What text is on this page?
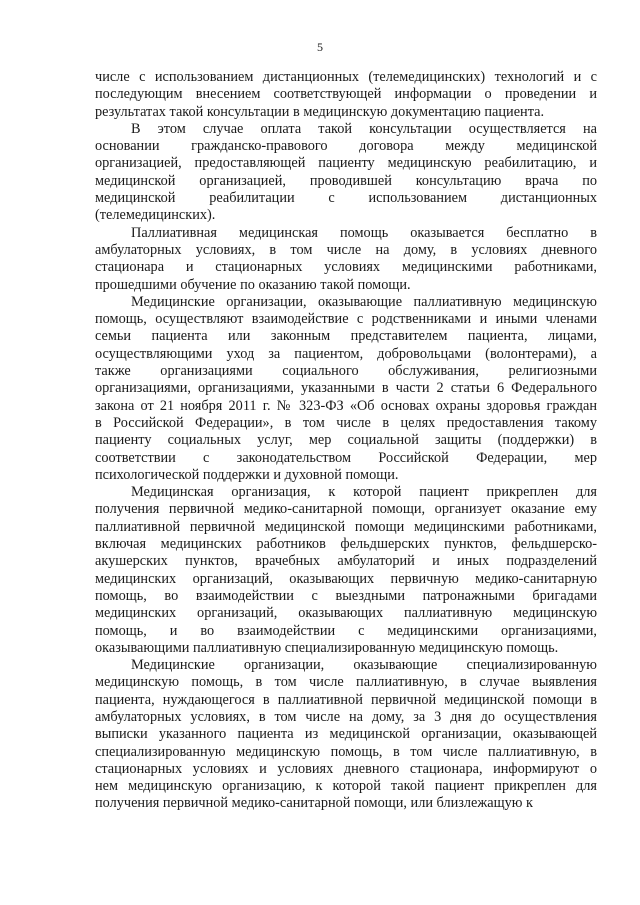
5
числе с использованием дистанционных (телемедицинских) технологий и с
последующим внесением соответствующей информации о проведении и
результатах такой консультации в медицинскую документацию пациента.
В этом случае оплата такой консультации осуществляется на
основании гражданско-правового договора между медицинской
организацией, предоставляющей пациенту медицинскую реабилитацию, и
медицинской организацией, проводившей консультацию врача по
медицинской реабилитации с использованием дистанционных
(телемедицинских).
Паллиативная медицинская помощь оказывается бесплатно в
амбулаторных условиях, в том числе на дому, в условиях дневного
стационара и стационарных условиях медицинскими работниками,
прошедшими обучение по оказанию такой помощи.
Медицинские организации, оказывающие паллиативную медицинскую
помощь, осуществляют взаимодействие с родственниками и иными членами
семьи пациента или законным представителем пациента, лицами,
осуществляющими уход за пациентом, добровольцами (волонтерами), а
также организациями социального обслуживания, религиозными
организациями, организациями, указанными в части 2 статьи 6 Федерального
закона от 21 ноября 2011 г. № 323-ФЗ «Об основах охраны здоровья граждан
в Российской Федерации», в том числе в целях предоставления такому
пациенту социальных услуг, мер социальной защиты (поддержки) в
соответствии с законодательством Российской Федерации, мер
психологической поддержки и духовной помощи.
Медицинская организация, к которой пациент прикреплен для
получения первичной медико-санитарной помощи, организует оказание ему
паллиативной первичной медицинской помощи медицинскими работниками,
включая медицинских работников фельдшерских пунктов, фельдшерско-
акушерских пунктов, врачебных амбулаторий и иных подразделений
медицинских организаций, оказывающих первичную медико-санитарную
помощь, во взаимодействии с выездными патронажными бригадами
медицинских организаций, оказывающих паллиативную медицинскую
помощь, и во взаимодействии с медицинскими организациями,
оказывающими паллиативную специализированную медицинскую помощь.
Медицинские организации, оказывающие специализированную
медицинскую помощь, в том числе паллиативную, в случае выявления
пациента, нуждающегося в паллиативной первичной медицинской помощи в
амбулаторных условиях, в том числе на дому, за 3 дня до осуществления
выписки указанного пациента из медицинской организации, оказывающей
специализированную медицинскую помощь, в том числе паллиативную, в
стационарных условиях и условиях дневного стационара, информируют о
нем медицинскую организацию, к которой такой пациент прикреплен для
получения первичной медико-санитарной помощи, или близлежащую к
